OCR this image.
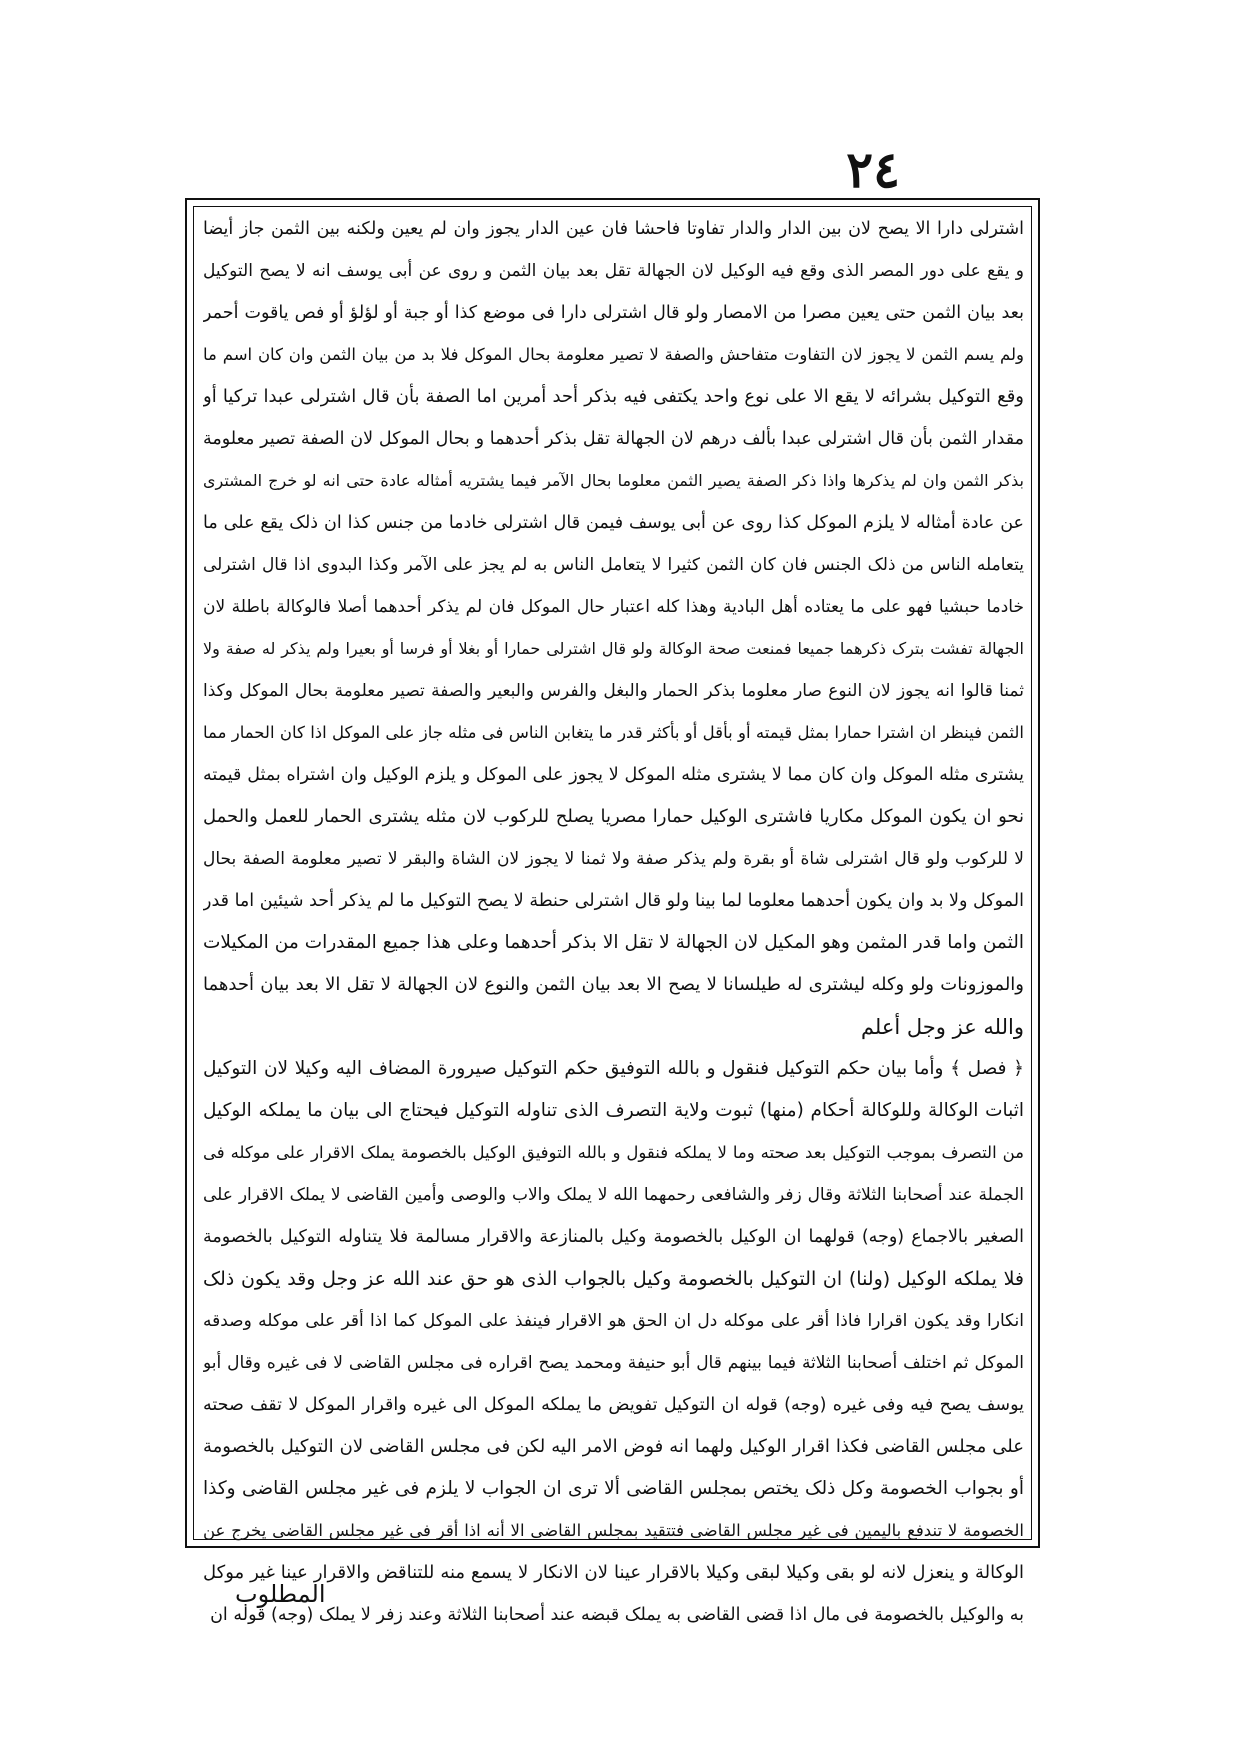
٢٤
اشترلی دارا الا یصح لان بین الدار والدار تفاوتا فاحشا فان عین الدار یجوز وان لم یعین ولکنه بین الثمن جاز أیضا
و یقع علی دور المصر الذی وقع فیه الوکیل لان الجهالة تقل بعد بیان الثمن و روی عن أبی یوسف انه لا یصح التوکیل
بعد بیان الثمن حتی یعین مصرا من الامصار ولو قال اشترلی دارا فی موضع کذا أو جبة أو لؤلؤ أو فص یاقوت أحمر
ولم یسم الثمن لا یجوز لان التفاوت متفاحش والصفة لا تصیر معلومة بحال الموکل فلا بد من بیان الثمن وان کان اسم ما
وقع التوکیل بشرائه لا یقع الا علی نوع واحد یکتفی فیه بذکر أحد أمرین اما الصفة بأن قال اشترلی عبدا ترکیا أو
مقدار الثمن بأن قال اشترلی عبدا بألف درهم لان الجهالة تقل بذکر أحدهما و بحال الموکل لان الصفة تصیر معلومة
بذکر الثمن وان لم یذکرها واذا ذکر الصفة یصیر الثمن معلوما بحال الآمر فیما یشتریه أمثاله عادة حتی انه لو خرج المشتری
عن عادة أمثاله لا یلزم الموکل کذا روی عن أبی یوسف فیمن قال اشترلی خادما من جنس کذا ان ذلک یقع علی ما
یتعامله الناس من ذلک الجنس فان کان الثمن کثیرا لا یتعامل الناس به لم یجز علی الآمر وکذا البدوی اذا قال اشترلی
خادما حبشیا فهو علی ما یعتاده أهل البادیة وهذا کله اعتبار حال الموکل فان لم یذکر أحدهما أصلا فالوکالة باطلة لان
الجهالة تفشت بترک ذکرهما جمیعا فمنعت صحة الوکالة ولو قال اشترلی حمارا أو بغلا أو فرسا أو بعیرا ولم یذکر له صفة ولا
ثمنا قالوا انه یجوز لان النوع صار معلوما بذکر الحمار والبغل والفرس والبعیر والصفة تصیر معلومة بحال الموکل وکذا
الثمن فینظر ان اشترا حمارا بمثل قیمته أو بأقل أو بأکثر قدر ما یتغابن الناس فی مثله جاز علی الموکل اذا کان الحمار مما
یشتری مثله الموکل وان کان مما لا یشتری مثله الموکل لا یجوز علی الموکل و یلزم الوکیل وان اشتراه بمثل قیمته
نحو ان یکون الموکل مکاریا فاشتری الوکیل حمارا مصریا یصلح للرکوب لان مثله یشتری الحمار للعمل والحمل
لا للرکوب ولو قال اشترلی شاة أو بقرة ولم یذکر صفة ولا ثمنا لا یجوز لان الشاة والبقر لا تصیر معلومة الصفة بحال
الموکل ولا بد وان یکون أحدهما معلوما لما بینا ولو قال اشترلی حنطة لا یصح التوکیل ما لم یذکر أحد شیئین اما قدر
الثمن واما قدر المثمن وهو المکیل لان الجهالة لا تقل الا بذکر أحدهما وعلی هذا جمیع المقدرات من المکیلات
والموزونات ولو وکله لیشتری له طیلسانا لا یصح الا بعد بیان الثمن والنوع لان الجهالة لا تقل الا بعد بیان أحدهما
والله عز وجل أعلم
﴿ فصل ﴾ وأما بیان حکم التوکیل فنقول و بالله التوفیق حکم التوکیل صیرورة المضاف الیه وکیلا لان التوکیل
اثبات الوکالة وللوکالة أحکام (منها) ثبوت ولایة التصرف الذی تناوله التوکیل فیحتاج الی بیان ما یملکه الوکیل
من التصرف بموجب التوکیل بعد صحته وما لا یملکه فنقول و بالله التوفیق الوکیل بالخصومة یملک الاقرار علی موکله فی
الجملة عند أصحابنا الثلاثة وقال زفر والشافعی رحمهما الله لا یملک والاب والوصی وأمین القاضی لا یملک الاقرار علی
الصغیر بالاجماع (وجه) قولهما ان الوکیل بالخصومة وکیل بالمنازعة والاقرار مسالمة فلا یتناوله التوکیل بالخصومة
فلا یملکه الوکیل (ولنا) ان التوکیل بالخصومة وکیل بالجواب الذی هو حق عند الله عز وجل وقد یکون ذلک
انکارا وقد یکون اقرارا فاذا أقر علی موکله دل ان الحق هو الاقرار فینفذ علی الموکل کما اذا أقر علی موکله وصدقه
الموکل ثم اختلف أصحابنا الثلاثة فیما بینهم قال أبو حنیفة ومحمد یصح اقراره فی مجلس القاضی لا فی غیره وقال أبو
یوسف یصح فیه وفی غیره (وجه) قوله ان التوکیل تفویض ما یملکه الموکل الی غیره واقرار الموکل لا تقف صحته
علی مجلس القاضی فکذا اقرار الوکیل ولهما انه فوض الامر الیه لکن فی مجلس القاضی لان التوکیل بالخصومة
أو بجواب الخصومة وکل ذلک یختص بمجلس القاضی ألا تری ان الجواب لا یلزم فی غیر مجلس القاضی وکذا
الخصومة لا تندفع بالیمین فی غیر مجلس القاضی فتتقید بمجلس القاضی الا أنه اذا أقر فی غیر مجلس القاضی یخرج عن
الوکالة و ینعزل لانه لو بقی وکیلا لبقی وکیلا بالاقرار عینا لان الانکار لا یسمع منه للتناقض والاقرار عینا غیر موکل
به والوکیل بالخصومة فی مال اذا قضی القاضی به یملک قبضه عند أصحابنا الثلاثة وعند زفر لا یملک (وجه) قوله ان
المطلوب
